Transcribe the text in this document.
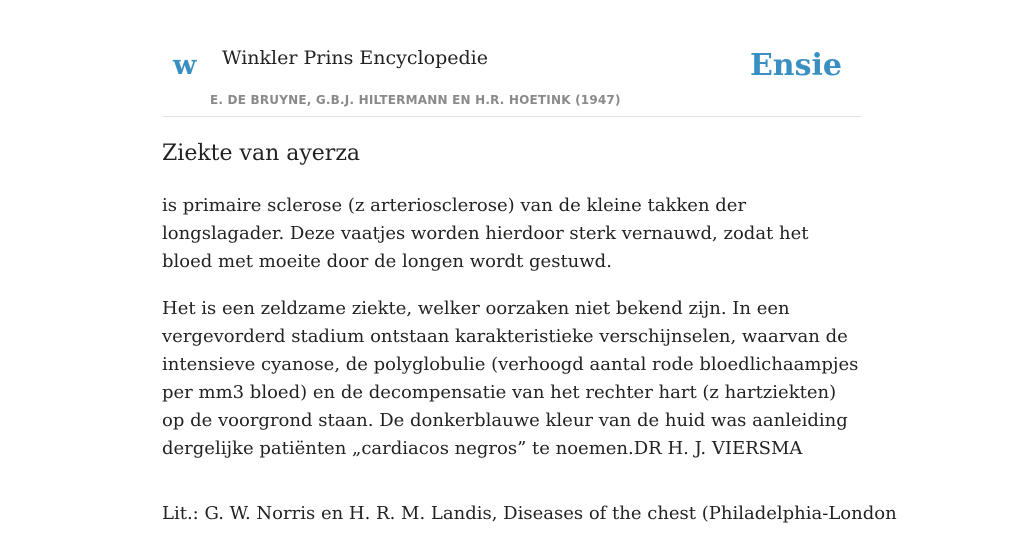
w Winkler Prins Encyclopedie
E. DE BRUYNE, G.B.J. HILTERMANN EN H.R. HOETINK (1947)
Ensie
Ziekte van ayerza

is primaire sclerose (z arteriosclerose) van de kleine takken der longslagader. Deze vaatjes worden hierdoor sterk vernauwd, zodat het bloed met moeite door de longen wordt gestuwd.

Het is een zeldzame ziekte, welker oorzaken niet bekend zijn. In een vergevorderd stadium ontstaan karakteristieke verschijnselen, waarvan de intensieve cyanose, de polyglobulie (verhoogd aantal rode bloedlichaampjes per mm3 bloed) en de decompensatie van het rechter hart (z hartziekten) op de voorgrond staan. De donkerblauwe kleur van de huid was aanleiding dergelijke patiënten „cardiacos negros” te noemen.DR H. J. VIERSMA

Lit.: G. W. Norris en H. R. M. Landis, Diseases of the chest (Philadelphia-London
